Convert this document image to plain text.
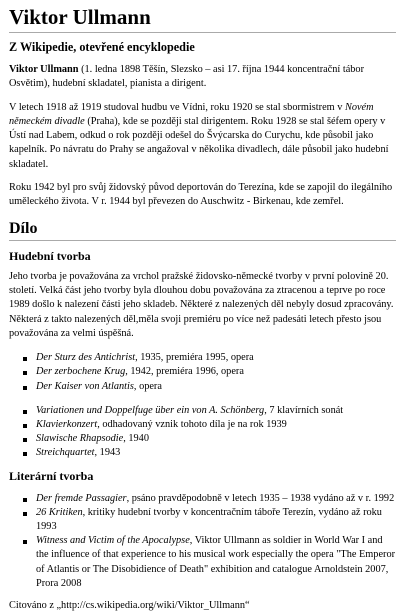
Viktor Ullmann
Z Wikipedie, otevřené encyklopedie

Viktor Ullmann (1. ledna 1898 Těšín, Slezsko – asi 17. října 1944 koncentrační tábor Osvětim), hudební skladatel, pianista a dirigent.

V letech 1918 až 1919 studoval hudbu ve Vídni, roku 1920 se stal sbormistrem v Novém německém divadle (Praha), kde se později stal dirigentem. Roku 1928 se stal šéfem opery v Ústí nad Labem, odkud o rok později odešel do Švýcarska do Curychu, kde působil jako kapelník. Po návratu do Prahy se angažoval v několika divadlech, dále působil jako hudební skladatel.

Roku 1942 byl pro svůj židovský původ deportován do Terezína, kde se zapojil do ilegálního uměleckého života. V r. 1944 byl převezen do Auschwitz - Birkenau, kde zemřel.

Dílo
Hudební tvorba

Jeho tvorba je považována za vrchol pražské židovsko-německé tvorby v první polovině 20. století. Velká část jeho tvorby byla dlouhou dobu považována za ztracenou a teprve po roce 1989 došlo k nalezení části jeho skladeb. Některé z nalezených děl nebyly dosud zpracovány. Některá z takto nalezených děl,měla svoji premiéru po více než padesáti letech přesto jsou považována za velmi úspěšná.

Der Sturz des Antichrist, 1935, premiéra 1995, opera
Der zerbochene Krug, 1942, premiéra 1996, opera
Der Kaiser von Atlantis, opera
Variationen und Doppelfuge über ein von A. Schönberg, 7 klavírních sonát
Klavierkonzert, odhadovaný vznik tohoto díla je na rok 1939
Slawische Rhapsodie, 1940
Streichquartet, 1943
Literární tvorba
Der fremde Passagier, psáno pravděpodobně v letech 1935 – 1938 vydáno až v r. 1992
26 Kritiken, kritiky hudební tvorby v koncentračním táboře Terezín, vydáno až roku 1993
Witness and Victim of the Apocalypse, Viktor Ullmann as soldier in World War I and the influence of that experience to his musical work especially the opera "The Emperor of Atlantis or The Disobidience of Death" exhibition and catalogue Arnoldstein 2007, Prora 2008

Citováno z „http://cs.wikipedia.org/wiki/Viktor_Ullmann“
